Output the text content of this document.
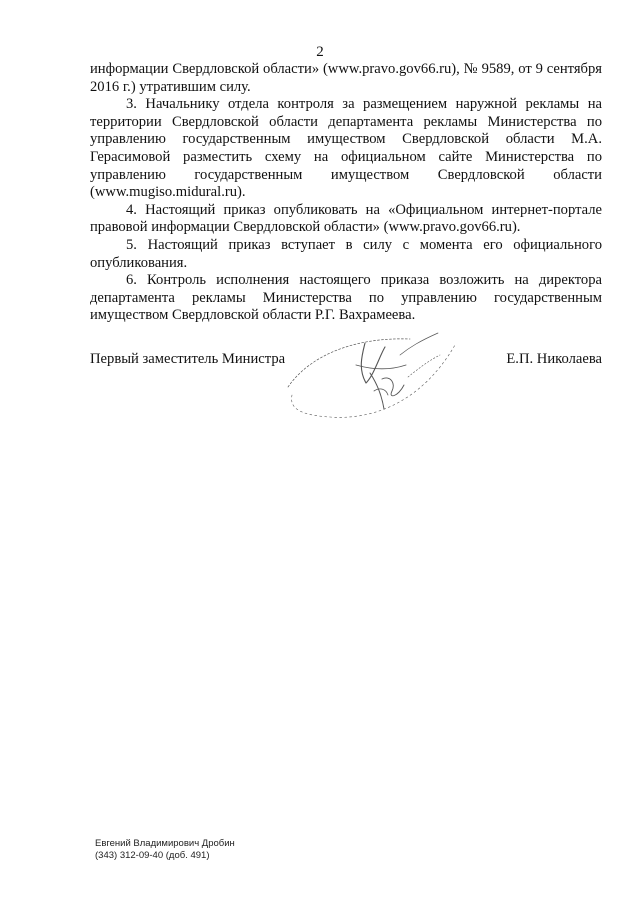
2

информации Свердловской области» (www.pravo.gov66.ru), № 9589, от 9 сентября 2016 г.) утратившим силу.

3. Начальнику отдела контроля за размещением наружной рекламы на территории Свердловской области департамента рекламы Министерства по управлению государственным имуществом Свердловской области М.А. Герасимовой разместить схему на официальном сайте Министерства по управлению государственным имуществом Свердловской области (www.mugiso.midural.ru).

4. Настоящий приказ опубликовать на «Официальном интернет-портале правовой информации Свердловской области» (www.pravo.gov66.ru).

5. Настоящий приказ вступает в силу с момента его официального опубликования.

6. Контроль исполнения настоящего приказа возложить на директора департамента рекламы Министерства по управлению государственным имуществом Свердловской области Р.Г. Вахрамеева.

Первый заместитель Министра	Е.П. Николаева
Евгений Владимирович Дробин
(343) 312-09-40 (доб. 491)
